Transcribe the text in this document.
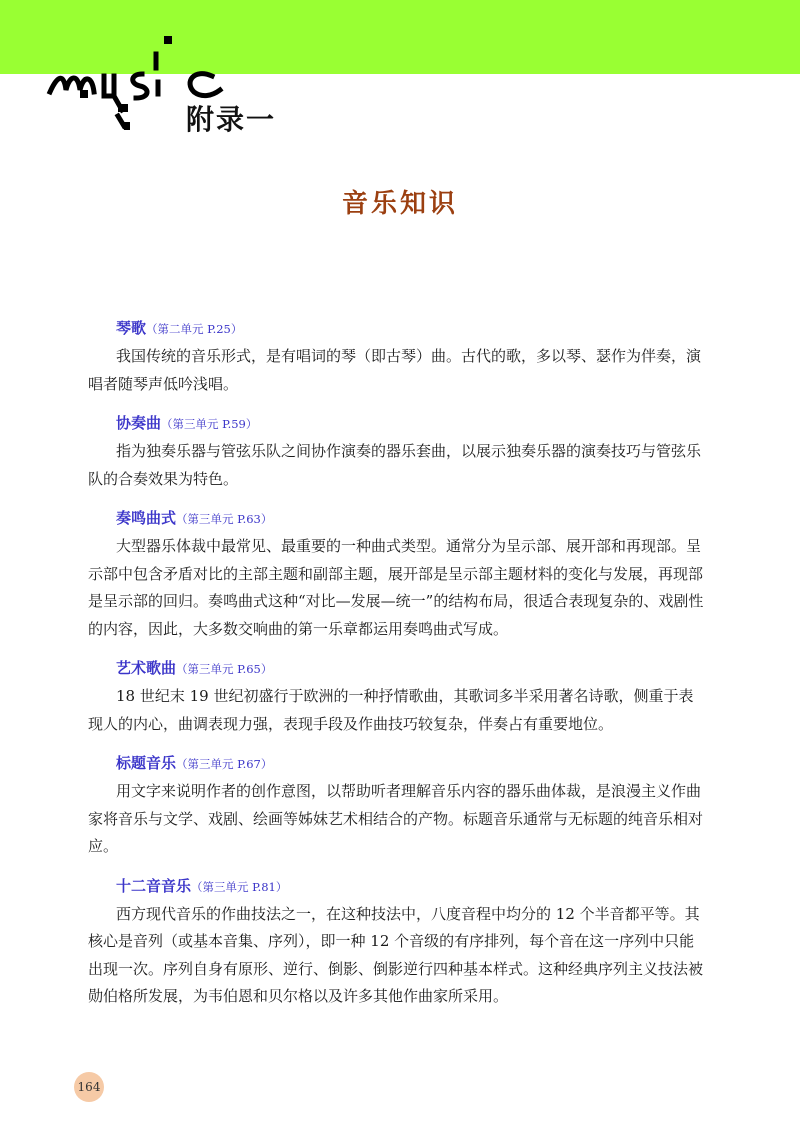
附录一
音乐知识
琴歌（第二单元 P.25）

我国传统的音乐形式，是有唱词的琴（即古琴）曲。古代的歌，多以琴、瑟作为伴奏，演唱者随琴声低吟浅唱。

协奏曲（第三单元 P.59）

指为独奏乐器与管弦乐队之间协作演奏的器乐套曲，以展示独奏乐器的演奏技巧与管弦乐队的合奏效果为特色。

奏鸣曲式（第三单元 P.63）

大型器乐体裁中最常见、最重要的一种曲式类型。通常分为呈示部、展开部和再现部。呈示部中包含矛盾对比的主部主题和副部主题，展开部是呈示部主题材料的变化与发展，再现部是呈示部的回归。奏鸣曲式这种“对比—发展—统一”的结构布局，很适合表现复杂的、戏剧性的内容，因此，大多数交响曲的第一乐章都运用奏鸣曲式写成。

艺术歌曲（第三单元 P.65）

18 世纪末 19 世纪初盛行于欧洲的一种抒情歌曲，其歌词多半采用著名诗歌，侧重于表现人的内心，曲调表现力强，表现手段及作曲技巧较复杂，伴奏占有重要地位。

标题音乐（第三单元 P.67）

用文字来说明作者的创作意图，以帮助听者理解音乐内容的器乐曲体裁，是浪漫主义作曲家将音乐与文学、戏剧、绘画等姊妹艺术相结合的产物。标题音乐通常与无标题的纯音乐相对应。

十二音音乐（第三单元 P.81）

西方现代音乐的作曲技法之一，在这种技法中，八度音程中均分的 12 个半音都平等。其核心是音列（或基本音集、序列），即一种 12 个音级的有序排列，每个音在这一序列中只能出现一次。序列自身有原形、逆行、倒影、倒影逆行四种基本样式。这种经典序列主义技法被勋伯格所发展，为韦伯恩和贝尔格以及许多其他作曲家所采用。

164
